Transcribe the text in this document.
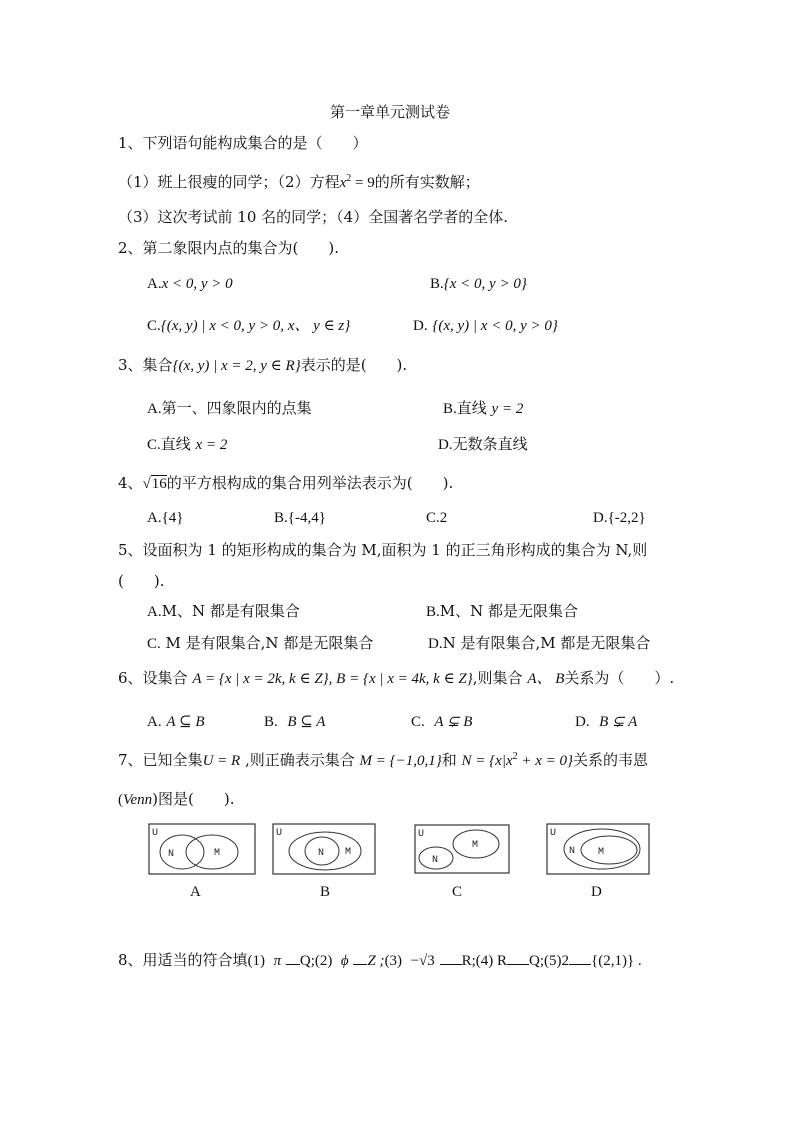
第一章单元测试卷
1、下列语句能构成集合的是（　　）
（1）班上很瘦的同学；（2）方程$x^2 = 9$的所有实数解；
（3）这次考试前 10 名的同学；（4）全国著名学者的全体.
2、第二象限内点的集合为(　　).
A.x < 0, y > 0	B.{x < 0, y > 0}
C.{(x, y) | x < 0, y > 0, x、 y ∈ z}	D. {(x, y) | x < 0, y > 0}
3、集合{(x, y) | x = 2, y ∈ R}表示的是(　　).
A.第一、四象限内的点集	B.直线 y = 2
C.直线 x = 2	D.无数条直线
4、√16的平方根构成的集合用列举法表示为(　　).
A.{4}	B.{-4,4}	C.2	D.{-2,2}
5、设面积为 1 的矩形构成的集合为 M,面积为 1 的正三角形构成的集合为 N,则
(　　).
A.M、N 都是有限集合	B.M、N 都是无限集合
C. M 是有限集合,N 都是无限集合	D.N 是有限集合,M 都是无限集合
6、设集合 A = {x | x = 2k, k ∈ Z}, B = {x | x = 4k, k ∈ Z},则集合 A、 B关系为（　　）.
A. A ⊆ B	B. B ⊆ A	C. A ⊊ B	D. B ⊊ A
7、已知全集U = R ,则正确表示集合 M = {−1,0,1}和 $N = \{x|x^2 + x = 0\}$关系的韦恩
(Venn)图是(　　).
U
N	M
A
U
N M
B
U
N
M
C
U
N M
D
8、用适当的符合填(1)  π Q;(2)  ϕ Z ;(3)  −√3 R;(4) R Q;(5)2 {(2,1)} .
